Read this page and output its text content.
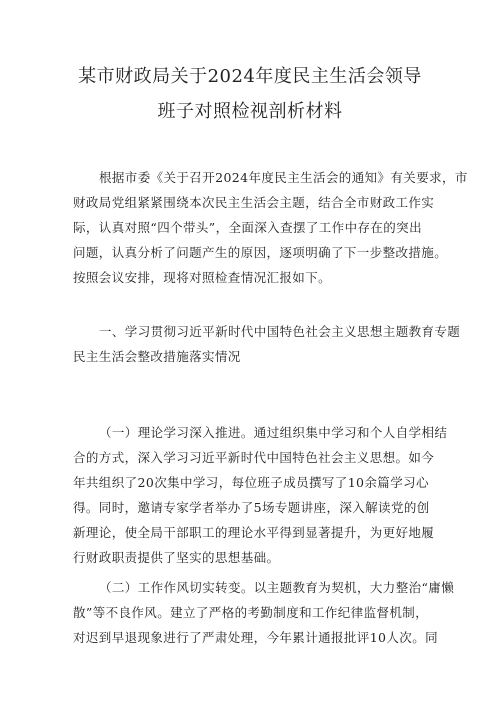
某市财政局关于2024年度民主生活会领导
班子对照检视剖析材料
根据市委《关于召开2024年度民主生活会的通知》有关要求，市
财政局党组紧紧围绕本次民主生活会主题，结合全市财政工作实
际，认真对照“四个带头”，全面深入查摆了工作中存在的突出
问题，认真分析了问题产生的原因，逐项明确了下一步整改措施。
按照会议安排，现将对照检查情况汇报如下。
一、学习贯彻习近平新时代中国特色社会主义思想主题教育专题
民主生活会整改措施落实情况
（一）理论学习深入推进。通过组织集中学习和个人自学相结
合的方式，深入学习习近平新时代中国特色社会主义思想。如今
年共组织了20次集中学习，每位班子成员撰写了10余篇学习心
得。同时，邀请专家学者举办了5场专题讲座，深入解读党的创
新理论，使全局干部职工的理论水平得到显著提升，为更好地履
行财政职责提供了坚实的思想基础。
（二）工作作风切实转变。以主题教育为契机，大力整治“庸懒
散”等不良作风。建立了严格的考勤制度和工作纪律监督机制，
对迟到早退现象进行了严肃处理，今年累计通报批评10人次。同
